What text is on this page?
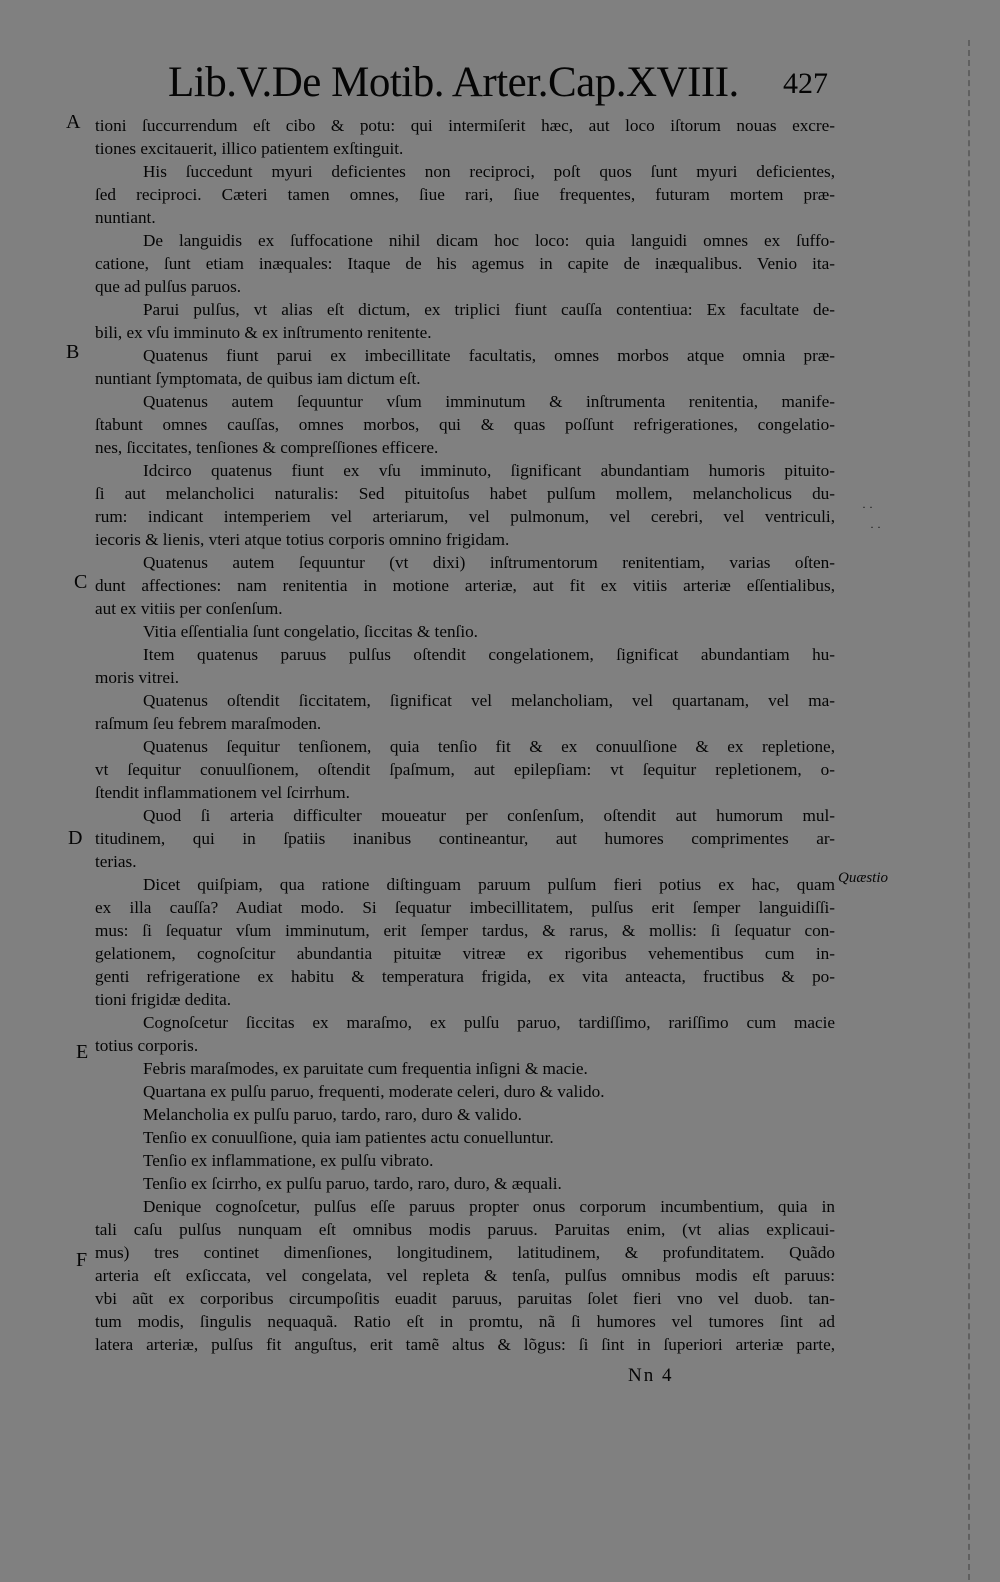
Lib.V.De Motib. Arter.Cap.XVIII. 427
A
B
C
D
E
F
Quæstio
tioni ſuccurrendum eſt cibo & potu: qui intermiſerit hæc, aut loco iſtorum nouas excre-
tiones excitauerit, illico patientem exſtinguit.
His ſuccedunt myuri deficientes non reciproci, poſt quos ſunt myuri deficientes,
ſed reciproci. Cæteri tamen omnes, ſiue rari, ſiue frequentes, futuram mortem præ-
nuntiant.
De languidis ex ſuffocatione nihil dicam hoc loco: quia languidi omnes ex ſuffo-
catione, ſunt etiam inæquales: Itaque de his agemus in capite de inæqualibus. Venio ita-
que ad pulſus paruos.
Parui pulſus, vt alias eſt dictum, ex triplici fiunt cauſſa contentiua: Ex facultate de-
bili, ex vſu imminuto & ex inſtrumento renitente.
Quatenus fiunt parui ex imbecillitate facultatis, omnes morbos atque omnia præ-
nuntiant ſymptomata, de quibus iam dictum eſt.
Quatenus autem ſequuntur vſum imminutum & inſtrumenta renitentia, manife-
ſtabunt omnes cauſſas, omnes morbos, qui & quas poſſunt refrigerationes, congelatio-
nes, ſiccitates, tenſiones & compreſſiones efficere.
Idcirco quatenus fiunt ex vſu imminuto, ſignificant abundantiam humoris pituito-
ſi aut melancholici naturalis: Sed pituitoſus habet pulſum mollem, melancholicus du-
rum: indicant intemperiem vel arteriarum, vel pulmonum, vel cerebri, vel ventriculi,
iecoris & lienis, vteri atque totius corporis omnino frigidam.
Quatenus autem ſequuntur (vt dixi) inſtrumentorum renitentiam, varias oſten-
dunt affectiones: nam renitentia in motione arteriæ, aut fit ex vitiis arteriæ eſſentialibus,
aut ex vitiis per conſenſum.
Vitia eſſentialia ſunt congelatio, ſiccitas & tenſio.
Item quatenus paruus pulſus oſtendit congelationem, ſignificat abundantiam hu-
moris vitrei.
Quatenus oſtendit ſiccitatem, ſignificat vel melancholiam, vel quartanam, vel ma-
raſmum ſeu febrem maraſmoden.
Quatenus ſequitur tenſionem, quia tenſio fit & ex conuulſione & ex repletione,
vt ſequitur conuulſionem, oſtendit ſpaſmum, aut epilepſiam: vt ſequitur repletionem, o-
ſtendit inflammationem vel ſcirrhum.
Quod ſi arteria difficulter moueatur per conſenſum, oſtendit aut humorum mul-
titudinem, qui in ſpatiis inanibus contineantur, aut humores comprimentes ar-
terias.
Dicet quiſpiam, qua ratione diſtinguam paruum pulſum fieri potius ex hac, quam
ex illa cauſſa? Audiat modo. Si ſequatur imbecillitatem, pulſus erit ſemper languidiſſi-
mus: ſi ſequatur vſum imminutum, erit ſemper tardus, & rarus, & mollis: ſi ſequatur con-
gelationem, cognoſcitur abundantia pituitæ vitreæ ex rigoribus vehementibus cum in-
genti refrigeratione ex habitu & temperatura frigida, ex vita anteacta, fructibus & po-
tioni frigidæ dedita.
Cognoſcetur ſiccitas ex maraſmo, ex pulſu paruo, tardiſſimo, rariſſimo cum macie
totius corporis.
Febris maraſmodes, ex paruitate cum frequentia inſigni & macie.
Quartana ex pulſu paruo, frequenti, moderate celeri, duro & valido.
Melancholia ex pulſu paruo, tardo, raro, duro & valido.
Tenſio ex conuulſione, quia iam patientes actu conuelluntur.
Tenſio ex inflammatione, ex pulſu vibrato.
Tenſio ex ſcirrho, ex pulſu paruo, tardo, raro, duro, & æquali.
Denique cognoſcetur, pulſus eſſe paruus propter onus corporum incumbentium, quia in
tali caſu pulſus nunquam eſt omnibus modis paruus. Paruitas enim, (vt alias explicaui-
mus) tres continet dimenſiones, longitudinem, latitudinem, & profunditatem. Quãdo
arteria eſt exſiccata, vel congelata, vel repleta & tenſa, pulſus omnibus modis eſt paruus:
vbi aũt ex corporibus circumpoſitis euadit paruus, paruitas ſolet fieri vno vel duob. tan-
tum modis, ſingulis nequaquã. Ratio eſt in promtu, nã ſi humores vel tumores ſint ad
latera arteriæ, pulſus fit anguſtus, erit tamẽ altus & lõgus: ſi ſint in ſuperiori arteriæ parte,
Nn 4
· ·
· ·
